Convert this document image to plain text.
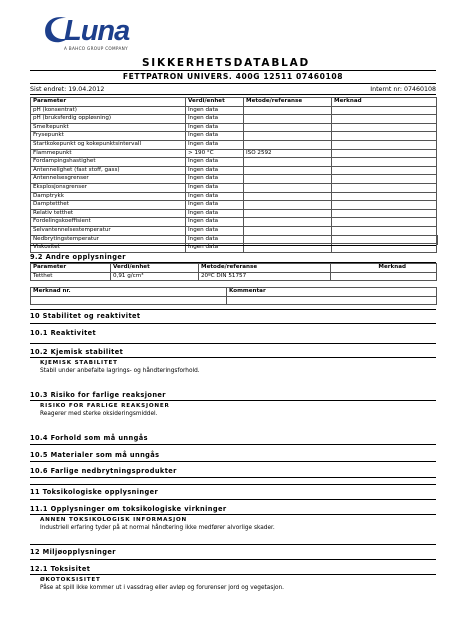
Luna
A BAHCO GROUP COMPANY
SIKKERHETSDATABLAD
FETTPATRON UNIVERS. 400G 12511 07460108
Sist endret: 19.04.2012	Internt nr: 07460108
Parameter	Verdi/enhet	Metode/referanse	Merknad
pH (konsentrat)	Ingen data		
pH (bruksferdig oppløsning)	Ingen data		
Smeltepunkt	Ingen data		
Frysepunkt	Ingen data		
Startkokepunkt og kokepunktsintervall	Ingen data		
Flammepunkt	> 190 °C	ISO 2592	
Fordampingshastighet	Ingen data		
Antennelighet (fast stoff, gass)	Ingen data		
Antennelsesgrenser	Ingen data		
Eksplosjonsgrenser	Ingen data		
Damptrykk	Ingen data		
Damptetthet	Ingen data		
Relativ tetthet	Ingen data		
Fordelingskoeffisient	Ingen data		
Selvantennelsestemperatur	Ingen data		
Nedbrytingstemperatur	Ingen data		
Viskositet	Ingen data		
9.2 Andre opplysninger
Parameter	Verdi/enhet	Metode/referanse	Merknad
Tetthet	0,91 g/cm³	20ºC DIN 51757	
Merknad nr.	Kommentar

10 Stabilitet og reaktivitet
10.1 Reaktivitet
10.2 Kjemisk stabilitet
KJEMISK STABILITET
Stabil under anbefalte lagrings- og håndteringsforhold.
10.3 Risiko for farlige reaksjoner
RISIKO FOR FARLIGE REAKSJONER
Reagerer med sterke oksideringsmiddel.
10.4 Forhold som må unngås
10.5 Materialer som må unngås
10.6 Farlige nedbrytningsprodukter
11 Toksikologiske opplysninger
11.1 Opplysninger om toksikologiske virkninger
ANNEN TOKSIKOLOGISK INFORMASJON
Industriell erfaring tyder på at normal håndtering ikke medfører alvorlige skader.
12 Miljøopplysninger
12.1 Toksisitet
ØKOTOKSISITET
Påse at spill ikke kommer ut i vassdrag eller avløp og forurenser jord og vegetasjon.
